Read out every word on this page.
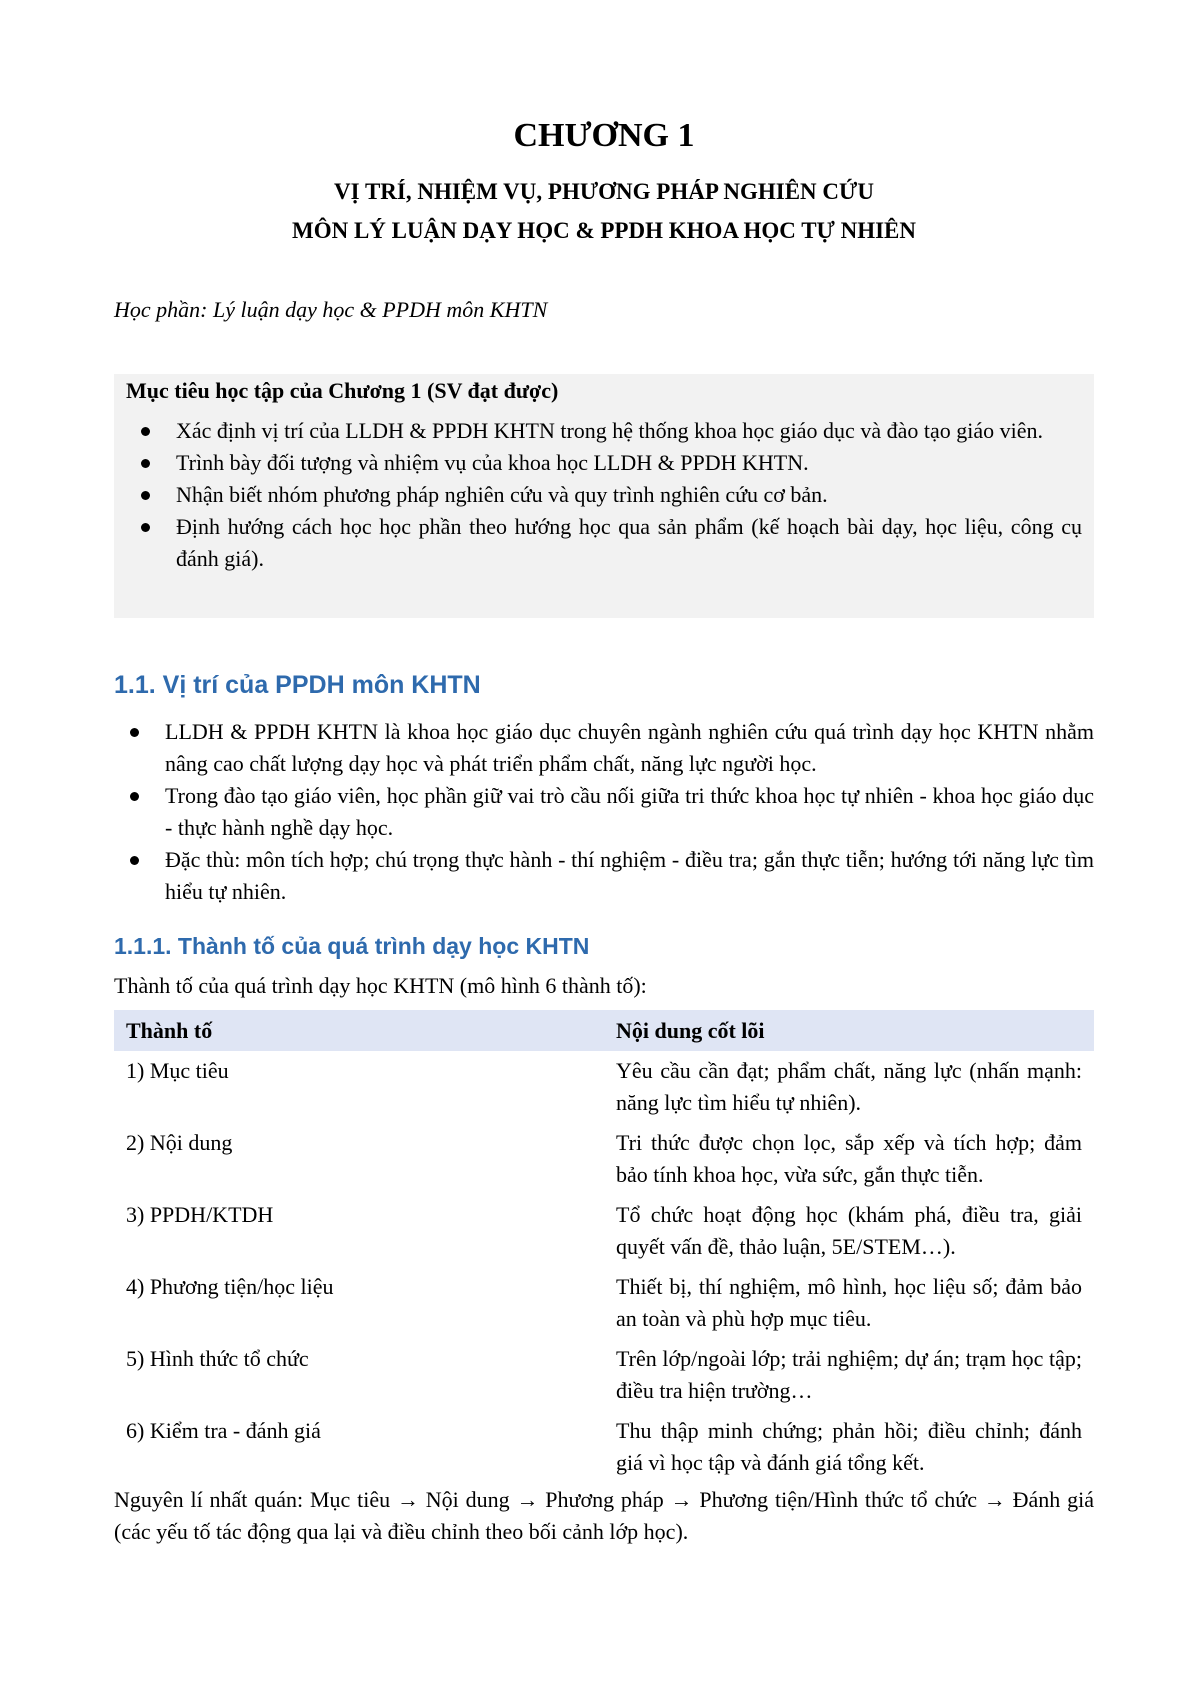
CHƯƠNG 1
VỊ TRÍ, NHIỆM VỤ, PHƯƠNG PHÁP NGHIÊN CỨU
MÔN LÝ LUẬN DẠY HỌC & PPDH KHOA HỌC TỰ NHIÊN
Học phần: Lý luận dạy học & PPDH môn KHTN
Mục tiêu học tập của Chương 1 (SV đạt được)
Xác định vị trí của LLDH & PPDH KHTN trong hệ thống khoa học giáo dục và đào tạo giáo viên.
Trình bày đối tượng và nhiệm vụ của khoa học LLDH & PPDH KHTN.
Nhận biết nhóm phương pháp nghiên cứu và quy trình nghiên cứu cơ bản.
Định hướng cách học học phần theo hướng học qua sản phẩm (kế hoạch bài dạy, học liệu, công cụ đánh giá).
1.1. Vị trí của PPDH môn KHTN
LLDH & PPDH KHTN là khoa học giáo dục chuyên ngành nghiên cứu quá trình dạy học KHTN nhằm nâng cao chất lượng dạy học và phát triển phẩm chất, năng lực người học.
Trong đào tạo giáo viên, học phần giữ vai trò cầu nối giữa tri thức khoa học tự nhiên - khoa học giáo dục - thực hành nghề dạy học.
Đặc thù: môn tích hợp; chú trọng thực hành - thí nghiệm - điều tra; gắn thực tiễn; hướng tới năng lực tìm hiểu tự nhiên.
1.1.1. Thành tố của quá trình dạy học KHTN
Thành tố của quá trình dạy học KHTN (mô hình 6 thành tố):
Thành tố	Nội dung cốt lõi
1) Mục tiêu	Yêu cầu cần đạt; phẩm chất, năng lực (nhấn mạnh: năng lực tìm hiểu tự nhiên).
2) Nội dung	Tri thức được chọn lọc, sắp xếp và tích hợp; đảm bảo tính khoa học, vừa sức, gắn thực tiễn.
3) PPDH/KTDH	Tổ chức hoạt động học (khám phá, điều tra, giải quyết vấn đề, thảo luận, 5E/STEM…).
4) Phương tiện/học liệu	Thiết bị, thí nghiệm, mô hình, học liệu số; đảm bảo an toàn và phù hợp mục tiêu.
5) Hình thức tổ chức	Trên lớp/ngoài lớp; trải nghiệm; dự án; trạm học tập; điều tra hiện trường…
6) Kiểm tra - đánh giá	Thu thập minh chứng; phản hồi; điều chỉnh; đánh giá vì học tập và đánh giá tổng kết.
Nguyên lí nhất quán: Mục tiêu → Nội dung → Phương pháp → Phương tiện/Hình thức tổ chức → Đánh giá (các yếu tố tác động qua lại và điều chỉnh theo bối cảnh lớp học).
